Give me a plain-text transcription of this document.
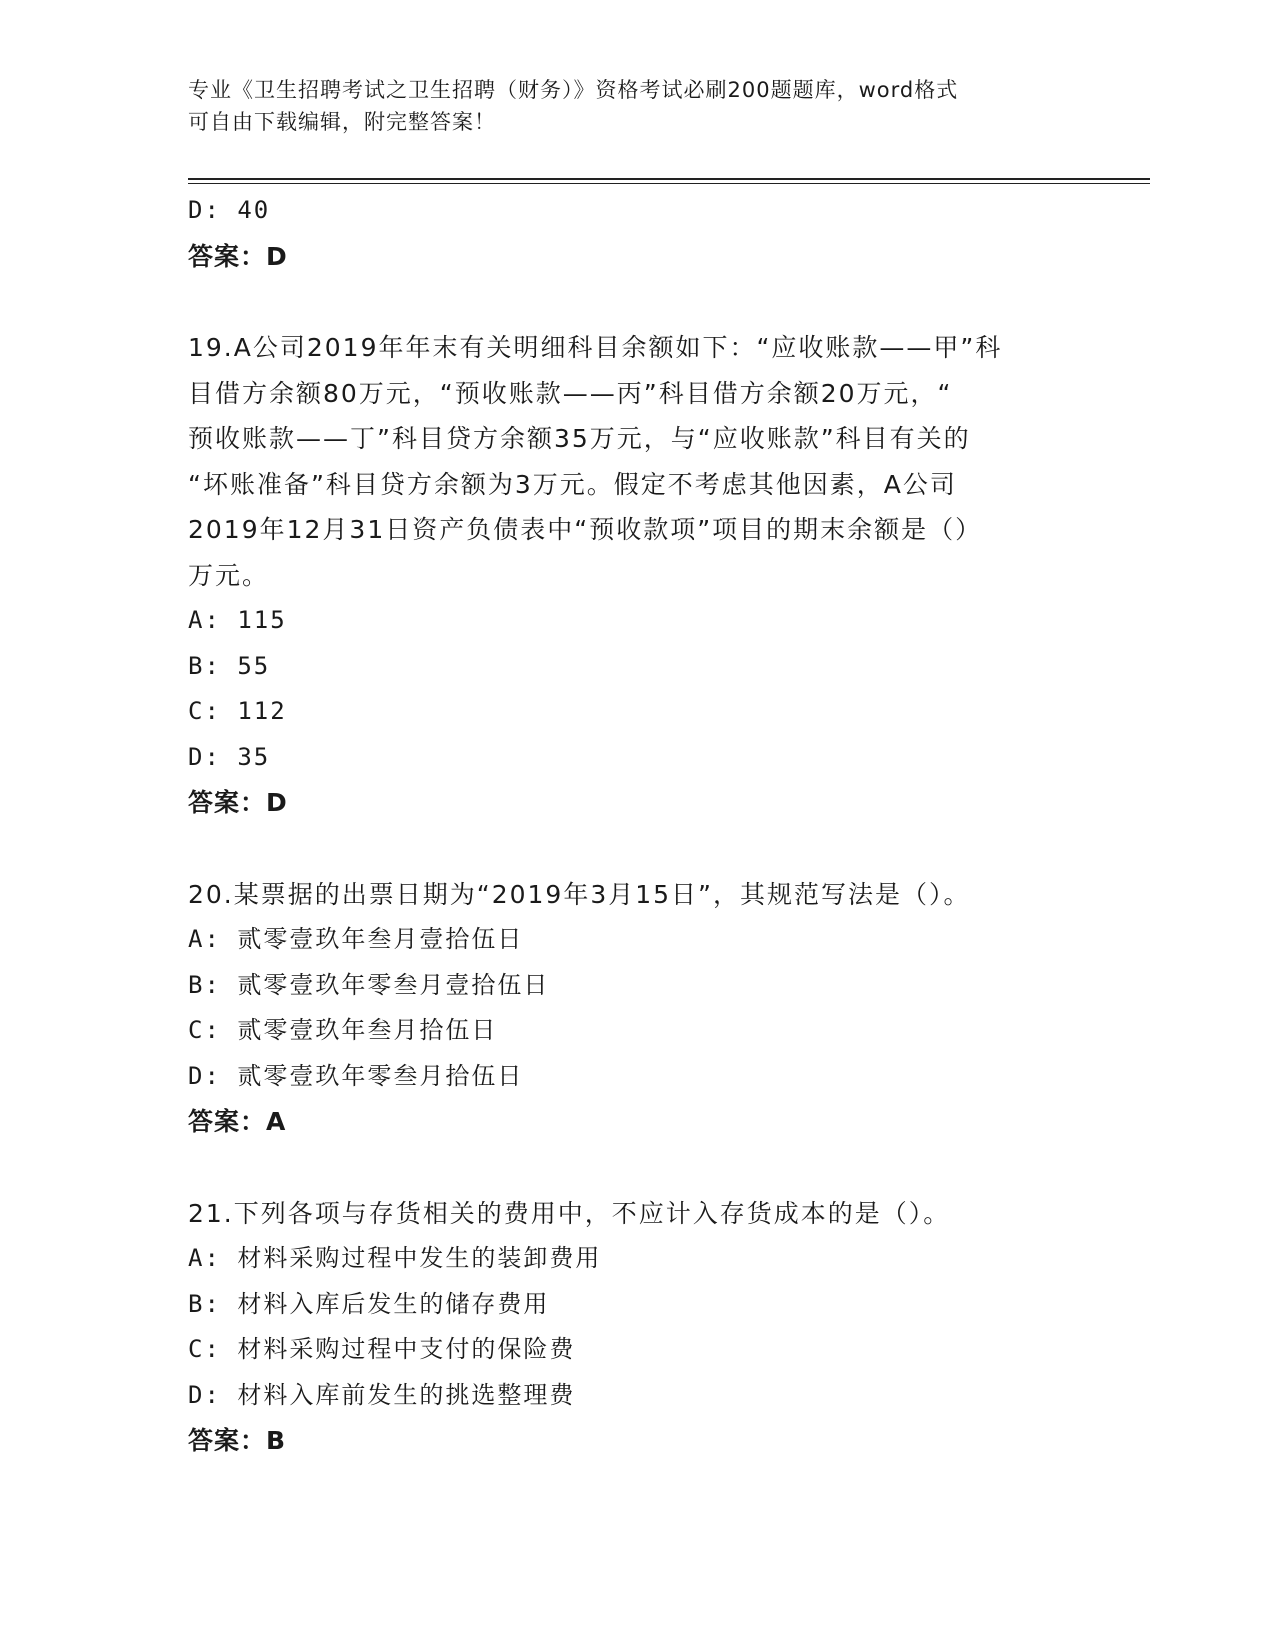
专业《卫生招聘考试之卫生招聘（财务）》资格考试必刷200题题库，word格式
可自由下载编辑，附完整答案！
D: 40
答案：D
19.A公司2019年年末有关明细科目余额如下：“应收账款——甲”科
目借方余额80万元，“预收账款——丙”科目借方余额20万元，“
预收账款——丁”科目贷方余额35万元，与“应收账款”科目有关的
“坏账准备”科目贷方余额为3万元。假定不考虑其他因素，A公司
2019年12月31日资产负债表中“预收款项”项目的期末余额是（）
万元。
A: 115
B: 55
C: 112
D: 35
答案：D
20.某票据的出票日期为“2019年3月15日”，其规范写法是（）。
A: 贰零壹玖年叁月壹拾伍日
B: 贰零壹玖年零叁月壹拾伍日
C: 贰零壹玖年叁月拾伍日
D: 贰零壹玖年零叁月拾伍日
答案：A
21.下列各项与存货相关的费用中，不应计入存货成本的是（）。
A: 材料采购过程中发生的装卸费用
B: 材料入库后发生的储存费用
C: 材料采购过程中支付的保险费
D: 材料入库前发生的挑选整理费
答案：B
